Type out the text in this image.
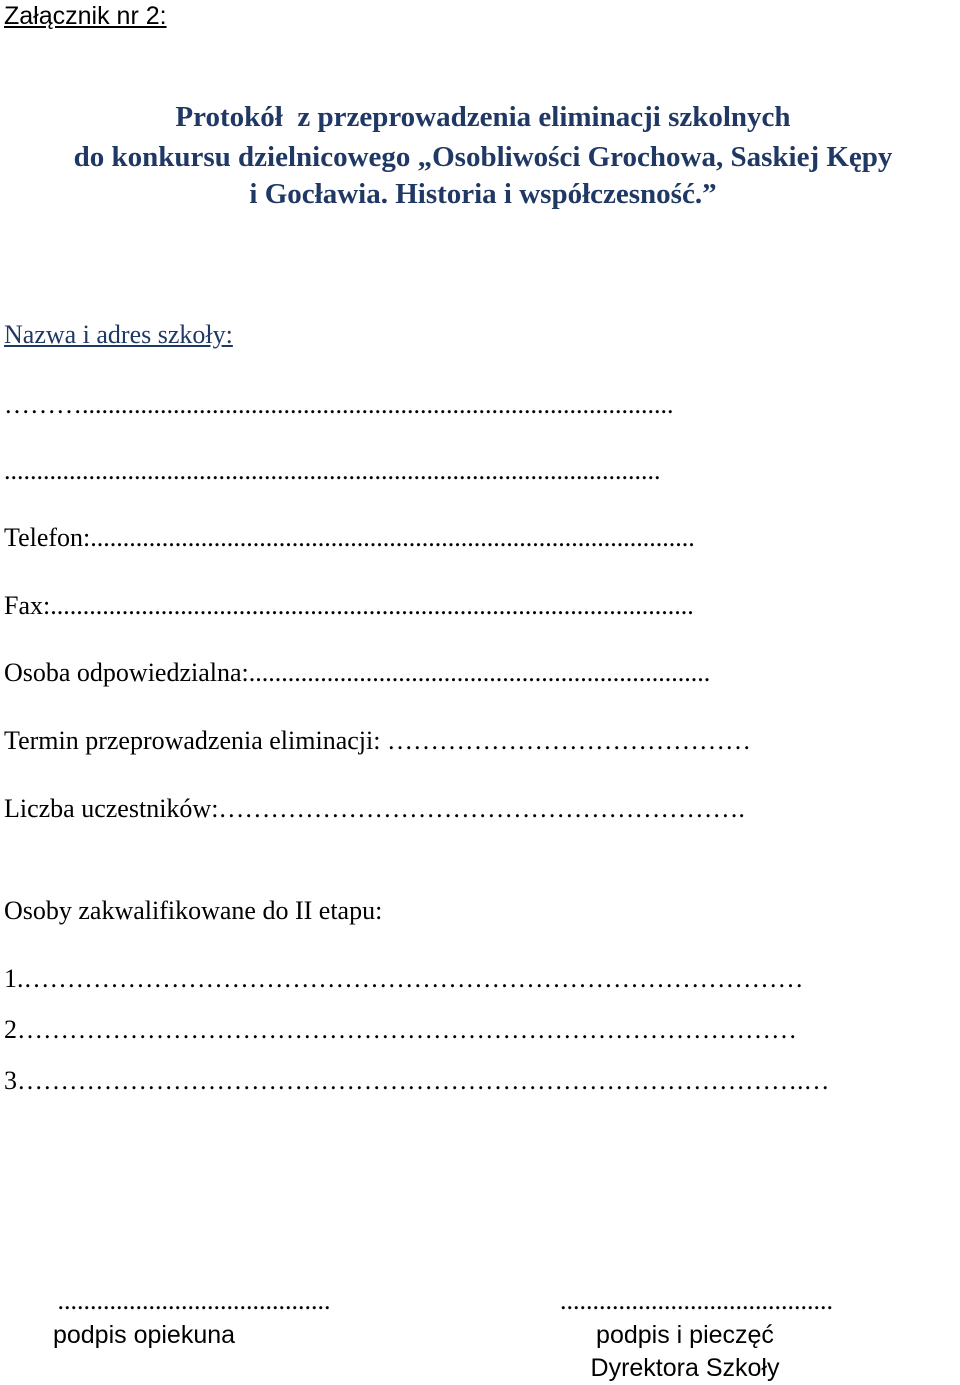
Załącznik nr 2:
Protokół  z przeprowadzenia eliminacji szkolnych
do konkursu dzielnicowego „Osobliwości Grochowa, Saskiej Kępy
i Gocławia. Historia i współczesność.”
Nazwa i adres szkoły:
………...........................................................................................
.....................................................................................................
Telefon:.............................................................................................
Fax:...................................................................................................
Osoba odpowiedzialna:.......................................................................
Termin przeprowadzenia eliminacji: ……………………………………
Liczba uczestników:…………………………………………………….
Osoby zakwalifikowane do II etapu:
1.………………………………………………………………………………
2………………………………………………………………………………
3……………………………………………………………………………….…
..........................................
podpis opiekuna
..........................................
podpis i pieczęć
Dyrektora Szkoły
